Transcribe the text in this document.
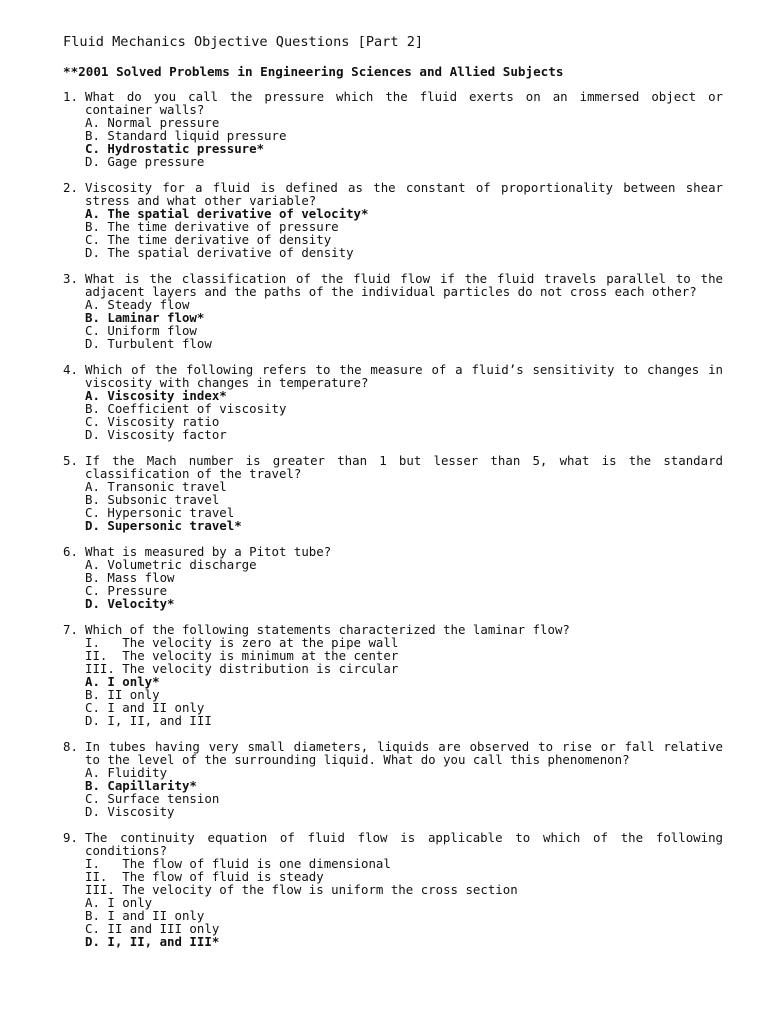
Fluid Mechanics Objective Questions [Part 2]
**2001 Solved Problems in Engineering Sciences and Allied Subjects
1. What do you call the pressure which the fluid exerts on an immersed object or container walls?
A. Normal pressure
B. Standard liquid pressure
C. Hydrostatic pressure*
D. Gage pressure
2. Viscosity for a fluid is defined as the constant of proportionality between shear stress and what other variable?
A. The spatial derivative of velocity*
B. The time derivative of pressure
C. The time derivative of density
D. The spatial derivative of density
3. What is the classification of the fluid flow if the fluid travels parallel to the adjacent layers and the paths of the individual particles do not cross each other?
A. Steady flow
B. Laminar flow*
C. Uniform flow
D. Turbulent flow
4. Which of the following refers to the measure of a fluid’s sensitivity to changes in viscosity with changes in temperature?
A. Viscosity index*
B. Coefficient of viscosity
C. Viscosity ratio
D. Viscosity factor
5. If the Mach number is greater than 1 but lesser than 5, what is the standard classification of the travel?
A. Transonic travel
B. Subsonic travel
C. Hypersonic travel
D. Supersonic travel*
6. What is measured by a Pitot tube?
A. Volumetric discharge
B. Mass flow
C. Pressure
D. Velocity*
7. Which of the following statements characterized the laminar flow?
I.   The velocity is zero at the pipe wall
II.  The velocity is minimum at the center
III. The velocity distribution is circular
A. I only*
B. II only
C. I and II only
D. I, II, and III
8. In tubes having very small diameters, liquids are observed to rise or fall relative to the level of the surrounding liquid. What do you call this phenomenon?
A. Fluidity
B. Capillarity*
C. Surface tension
D. Viscosity
9. The continuity equation of fluid flow is applicable to which of the following conditions?
I.   The flow of fluid is one dimensional
II.  The flow of fluid is steady
III. The velocity of the flow is uniform the cross section
A. I only
B. I and II only
C. II and III only
D. I, II, and III*
